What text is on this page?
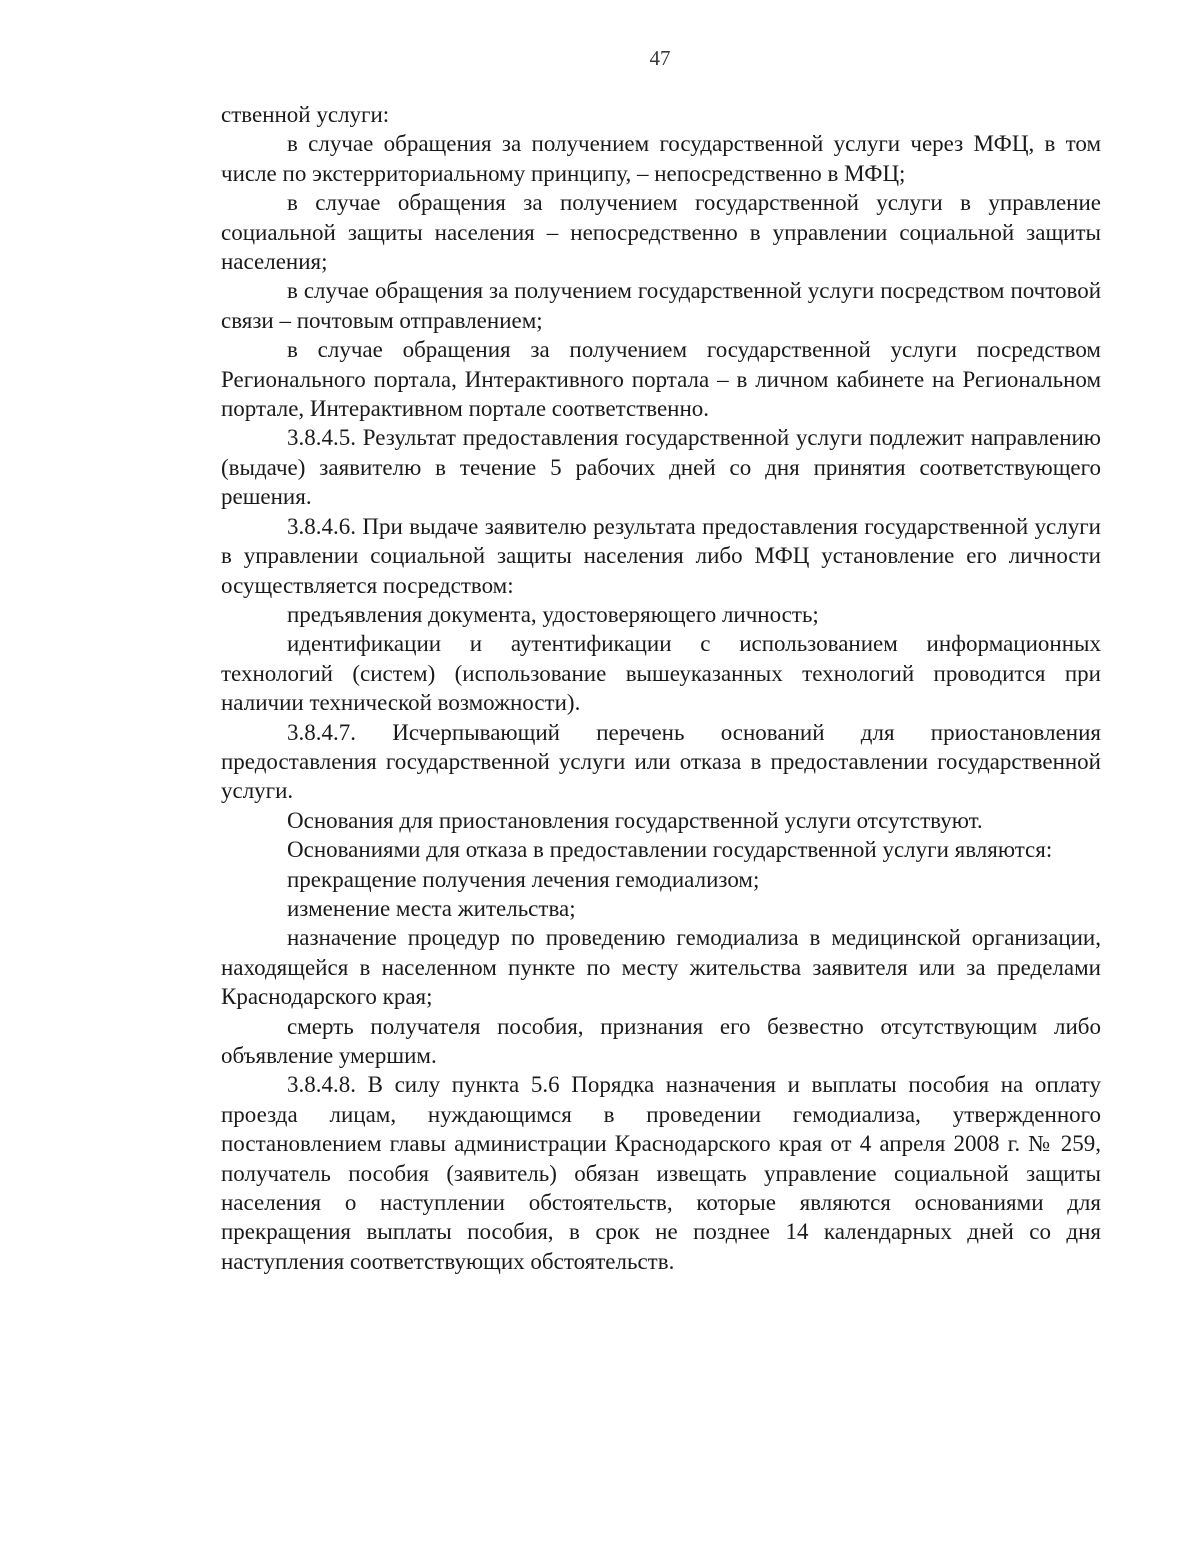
47

ственной услуги:

в случае обращения за получением государственной услуги через МФЦ, в том числе по экстерриториальному принципу, – непосредственно в МФЦ;

в случае обращения за получением государственной услуги в управление социальной защиты населения – непосредственно в управлении социальной защиты населения;

в случае обращения за получением государственной услуги посредством почтовой связи – почтовым отправлением;

в случае обращения за получением государственной услуги посредством Регионального портала, Интерактивного портала – в личном кабинете на Региональном портале, Интерактивном портале соответственно.

3.8.4.5. Результат предоставления государственной услуги подлежит направлению (выдаче) заявителю в течение 5 рабочих дней со дня принятия соответствующего решения.

3.8.4.6. При выдаче заявителю результата предоставления государственной услуги в управлении социальной защиты населения либо МФЦ установление его личности осуществляется посредством:

предъявления документа, удостоверяющего личность;

идентификации и аутентификации с использованием информационных технологий (систем) (использование вышеуказанных технологий проводится при наличии технической возможности).

3.8.4.7. Исчерпывающий перечень оснований для приостановления предоставления государственной услуги или отказа в предоставлении государственной услуги.

Основания для приостановления государственной услуги отсутствуют.

Основаниями для отказа в предоставлении государственной услуги являются:

прекращение получения лечения гемодиализом;

изменение места жительства;

назначение процедур по проведению гемодиализа в медицинской организации, находящейся в населенном пункте по месту жительства заявителя или за пределами Краснодарского края;

смерть получателя пособия, признания его безвестно отсутствующим либо объявление умершим.

3.8.4.8. В силу пункта 5.6 Порядка назначения и выплаты пособия на оплату проезда лицам, нуждающимся в проведении гемодиализа, утвержденного постановлением главы администрации Краснодарского края от 4 апреля 2008 г. № 259, получатель пособия (заявитель) обязан извещать управление социальной защиты населения о наступлении обстоятельств, которые являются основаниями для прекращения выплаты пособия, в срок не позднее 14 календарных дней со дня наступления соответствующих обстоятельств.
